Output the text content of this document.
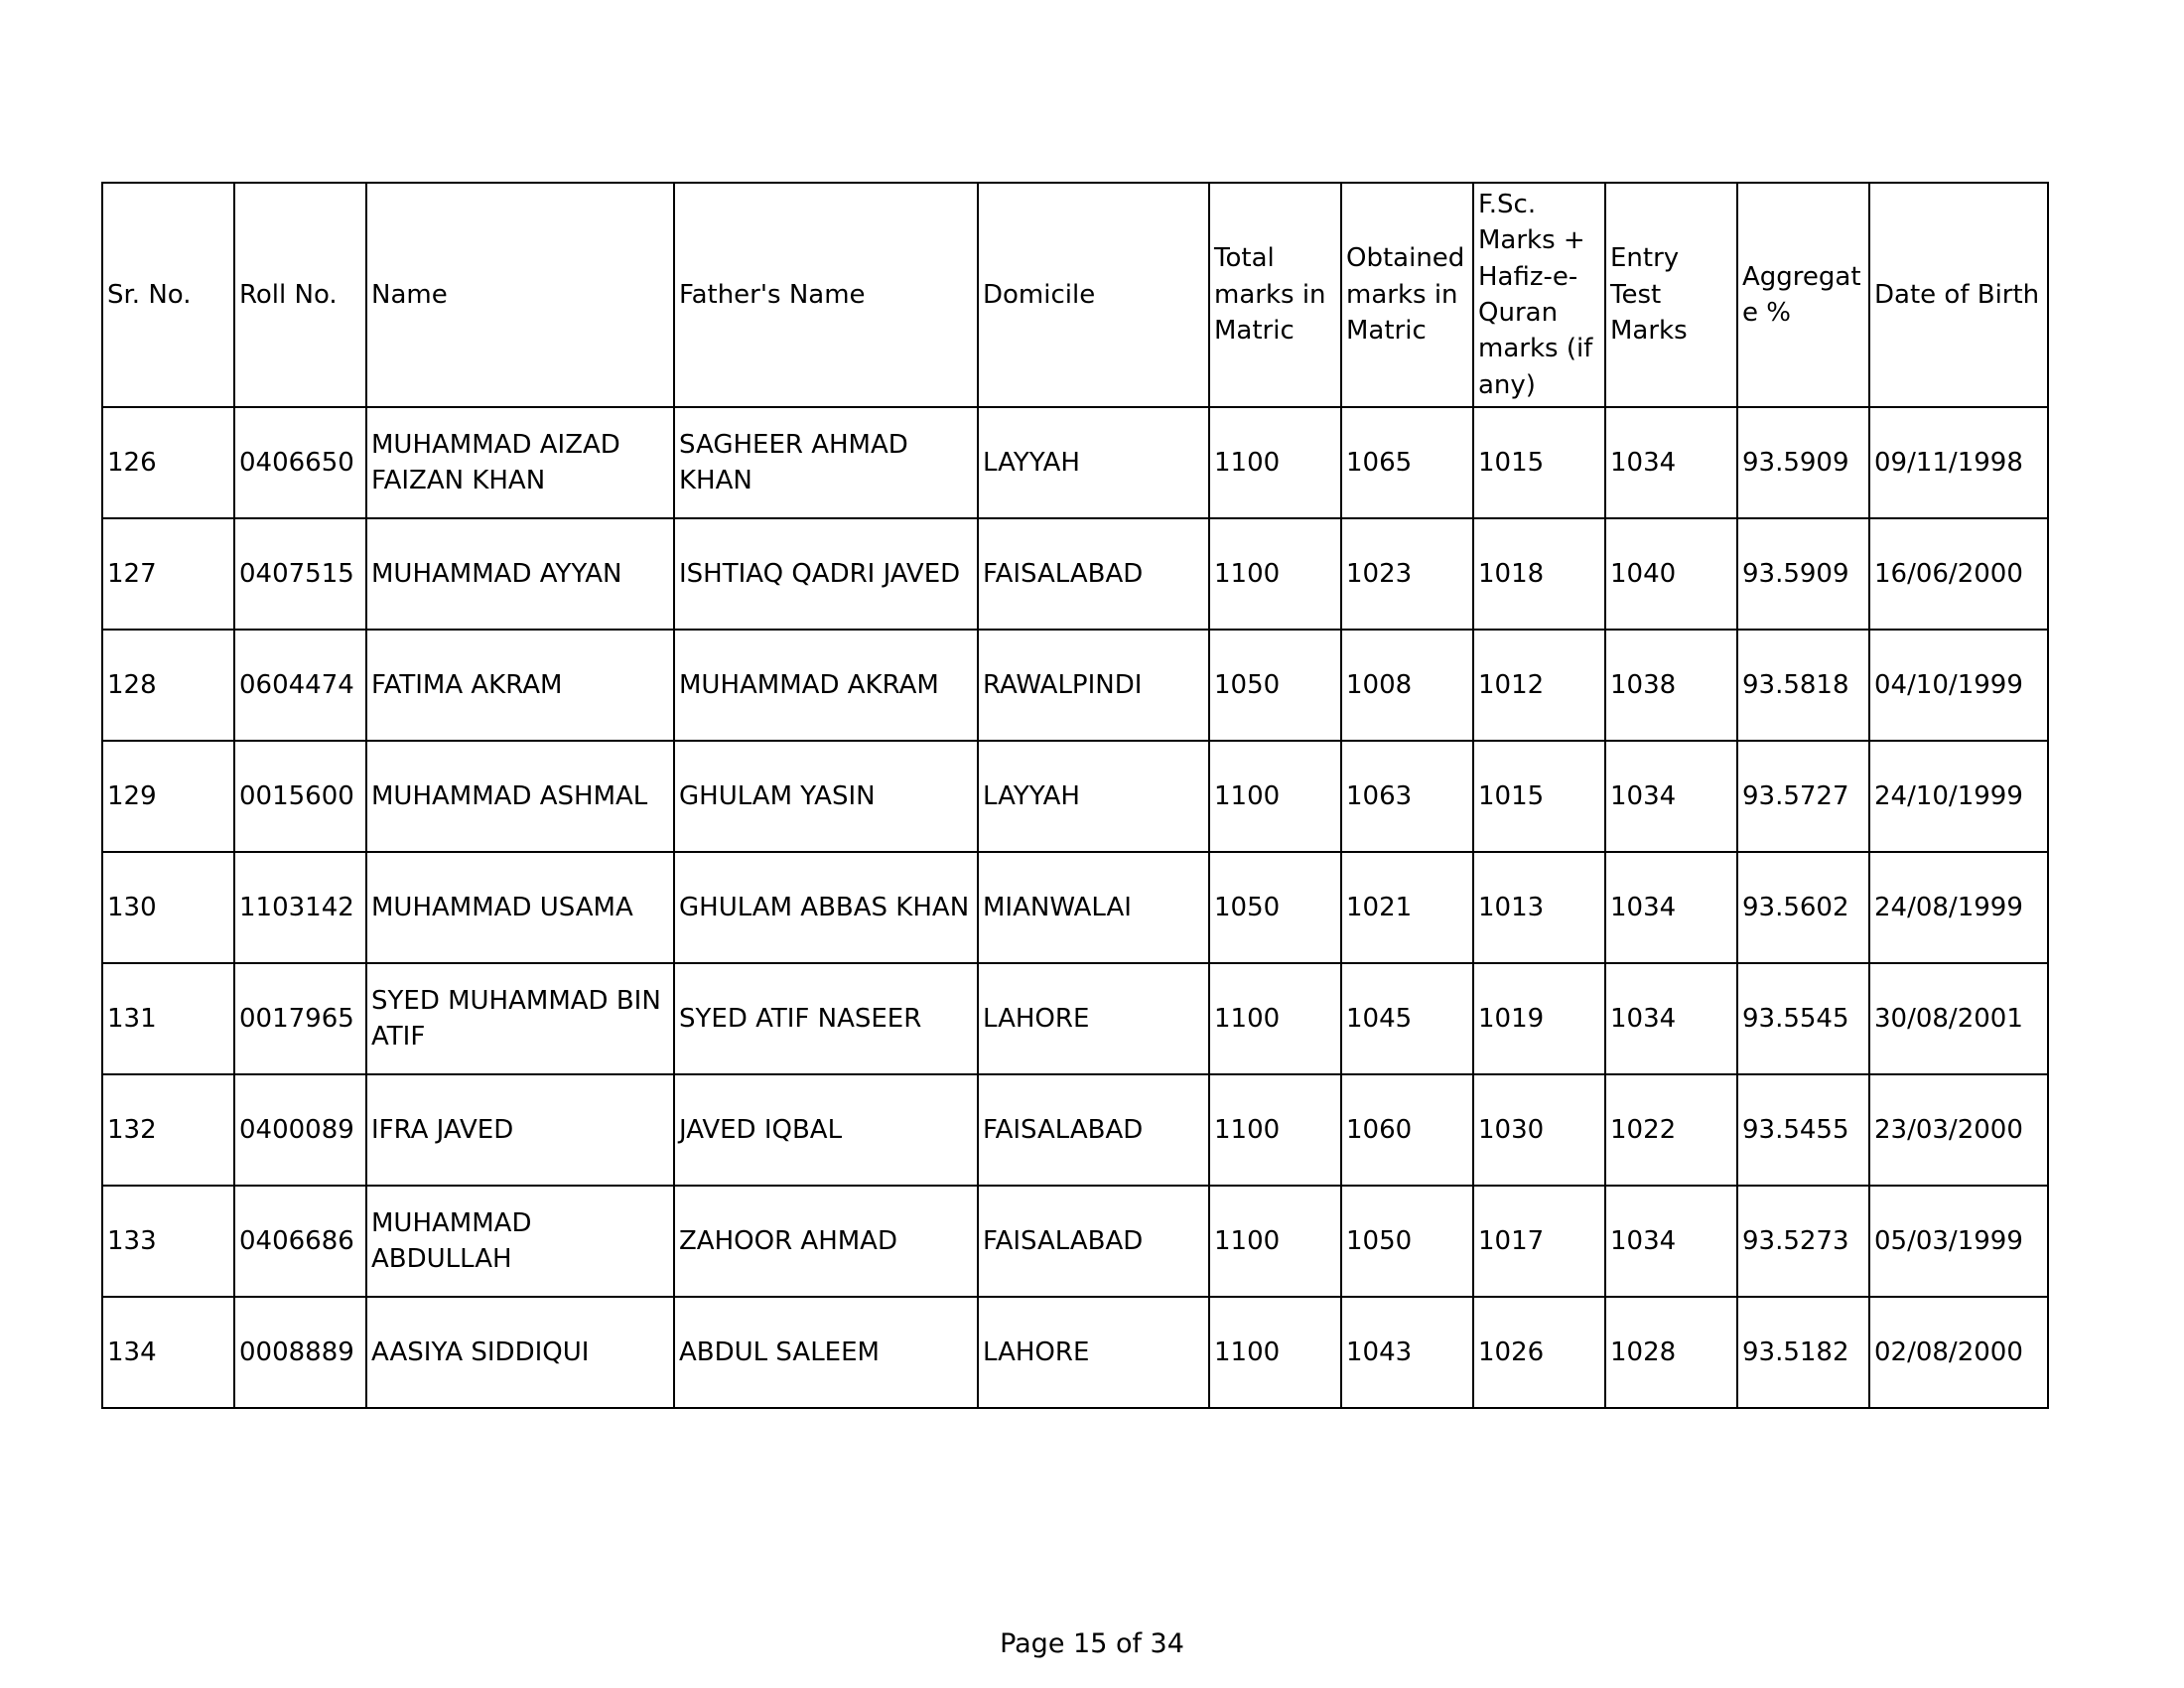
Sr. No.	Roll No.	Name	Father's Name	Domicile	Total marks in Matric	Obtained marks in Matric	F.Sc. Marks + Hafiz-e-Quran marks (if any)	Entry Test Marks	Aggregate %	Date of Birth
126	0406650	MUHAMMAD AIZAD FAIZAN KHAN	SAGHEER AHMAD KHAN	LAYYAH	1100	1065	1015	1034	93.5909	09/11/1998
127	0407515	MUHAMMAD AYYAN	ISHTIAQ QADRI JAVED	FAISALABAD	1100	1023	1018	1040	93.5909	16/06/2000
128	0604474	FATIMA AKRAM	MUHAMMAD AKRAM	RAWALPINDI	1050	1008	1012	1038	93.5818	04/10/1999
129	0015600	MUHAMMAD ASHMAL	GHULAM YASIN	LAYYAH	1100	1063	1015	1034	93.5727	24/10/1999
130	1103142	MUHAMMAD USAMA	GHULAM ABBAS KHAN	MIANWALAI	1050	1021	1013	1034	93.5602	24/08/1999
131	0017965	SYED MUHAMMAD BIN ATIF	SYED ATIF NASEER	LAHORE	1100	1045	1019	1034	93.5545	30/08/2001
132	0400089	IFRA JAVED	JAVED IQBAL	FAISALABAD	1100	1060	1030	1022	93.5455	23/03/2000
133	0406686	MUHAMMAD ABDULLAH	ZAHOOR AHMAD	FAISALABAD	1100	1050	1017	1034	93.5273	05/03/1999
134	0008889	AASIYA SIDDIQUI	ABDUL SALEEM	LAHORE	1100	1043	1026	1028	93.5182	02/08/2000
Page 15 of 34
